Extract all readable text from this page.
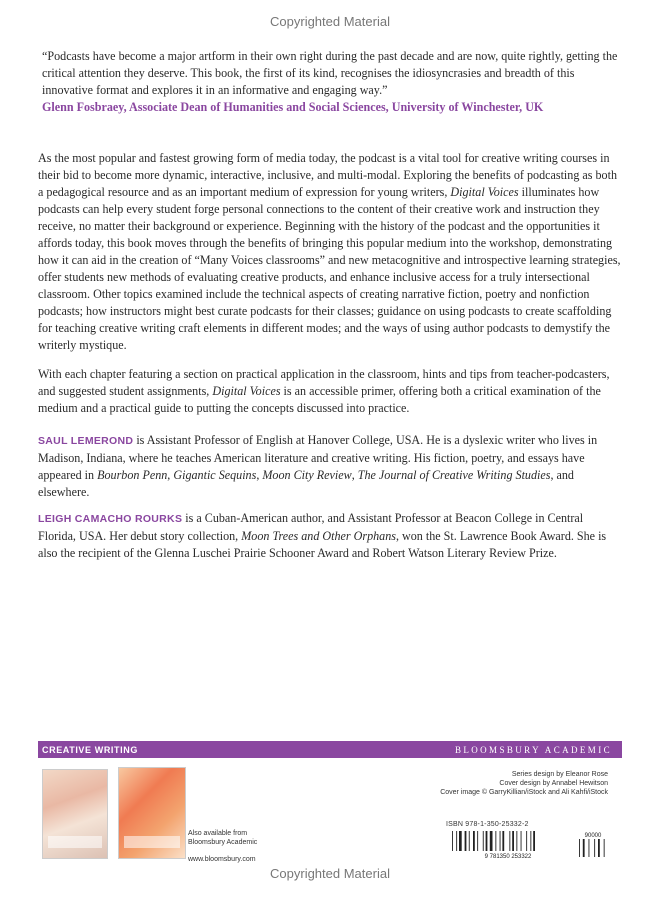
Copyrighted Material

“Podcasts have become a major artform in their own right during the past decade and are now, quite rightly, getting the critical attention they deserve. This book, the first of its kind, recognises the idiosyncrasies and breadth of this innovative format and explores it in an informative and engaging way.”
Glenn Fosbraey, Associate Dean of Humanities and Social Sciences, University of Winchester, UK

As the most popular and fastest growing form of media today, the podcast is a vital tool for creative writing courses in their bid to become more dynamic, interactive, inclusive, and multi-modal. Exploring the benefits of podcasting as both a pedagogical resource and as an important medium of expression for young writers, Digital Voices illuminates how podcasts can help every student forge personal connections to the content of their creative work and instruction they receive, no matter their background or experience. Beginning with the history of the podcast and the opportunities it affords today, this book moves through the benefits of bringing this popular medium into the workshop, demonstrating how it can aid in the creation of “Many Voices classrooms” and new metacognitive and introspective learning strategies, offer students new methods of evaluating creative products, and enhance inclusive access for a truly intersectional classroom. Other topics examined include the technical aspects of creating narrative fiction, poetry and nonfiction podcasts; how instructors might best curate podcasts for their classes; guidance on using podcasts to create scaffolding for teaching creative writing craft elements in different modes; and the ways of using author podcasts to demystify the writerly mystique.

With each chapter featuring a section on practical application in the classroom, hints and tips from teacher-podcasters, and suggested student assignments, Digital Voices is an accessible primer, offering both a critical examination of the medium and a practical guide to putting the concepts discussed into practice.

SAUL LEMEROND is Assistant Professor of English at Hanover College, USA. He is a dyslexic writer who lives in Madison, Indiana, where he teaches American literature and creative writing. His fiction, poetry, and essays have appeared in Bourbon Penn, Gigantic Sequins, Moon City Review, The Journal of Creative Writing Studies, and elsewhere.

LEIGH CAMACHO ROURKS is a Cuban-American author, and Assistant Professor at Beacon College in Central Florida, USA. Her debut story collection, Moon Trees and Other Orphans, won the St. Lawrence Book Award. She is also the recipient of the Glenna Luschei Prairie Schooner Award and Robert Watson Literary Review Prize.

CREATIVE WRITING	BLOOMSBURY ACADEMIC
Also available from
Bloomsbury Academic
www.bloomsbury.com
Series design by Eleanor Rose
Cover design by Annabel Hewitson
Cover image © GarryKillian/iStock and Ali Kahfi/iStock
ISBN 978-1-350-25332-2
9 781350 253322
90000
Copyrighted Material
